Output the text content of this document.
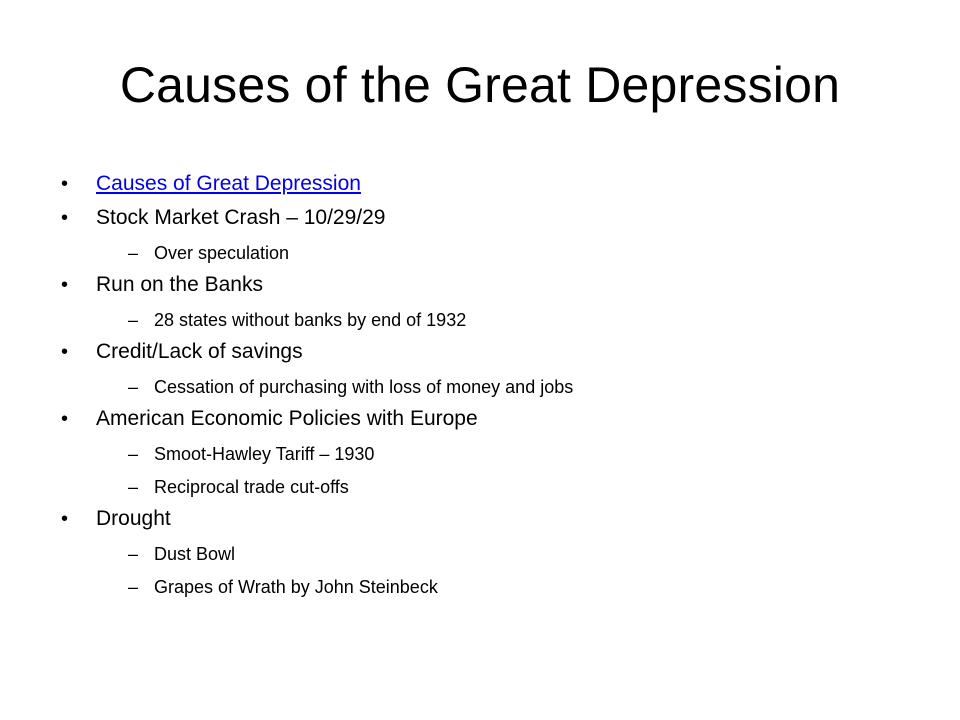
Causes of the Great Depression
•	Causes of Great Depression
•	Stock Market Crash – 10/29/29
– Over speculation
•	Run on the Banks
– 28 states without banks by end of 1932
•	Credit/Lack of savings
– Cessation of purchasing with loss of money and jobs
•	American Economic Policies with Europe
– Smoot-Hawley Tariff – 1930
– Reciprocal trade cut-offs
•	Drought
– Dust Bowl
– Grapes of Wrath by John Steinbeck
